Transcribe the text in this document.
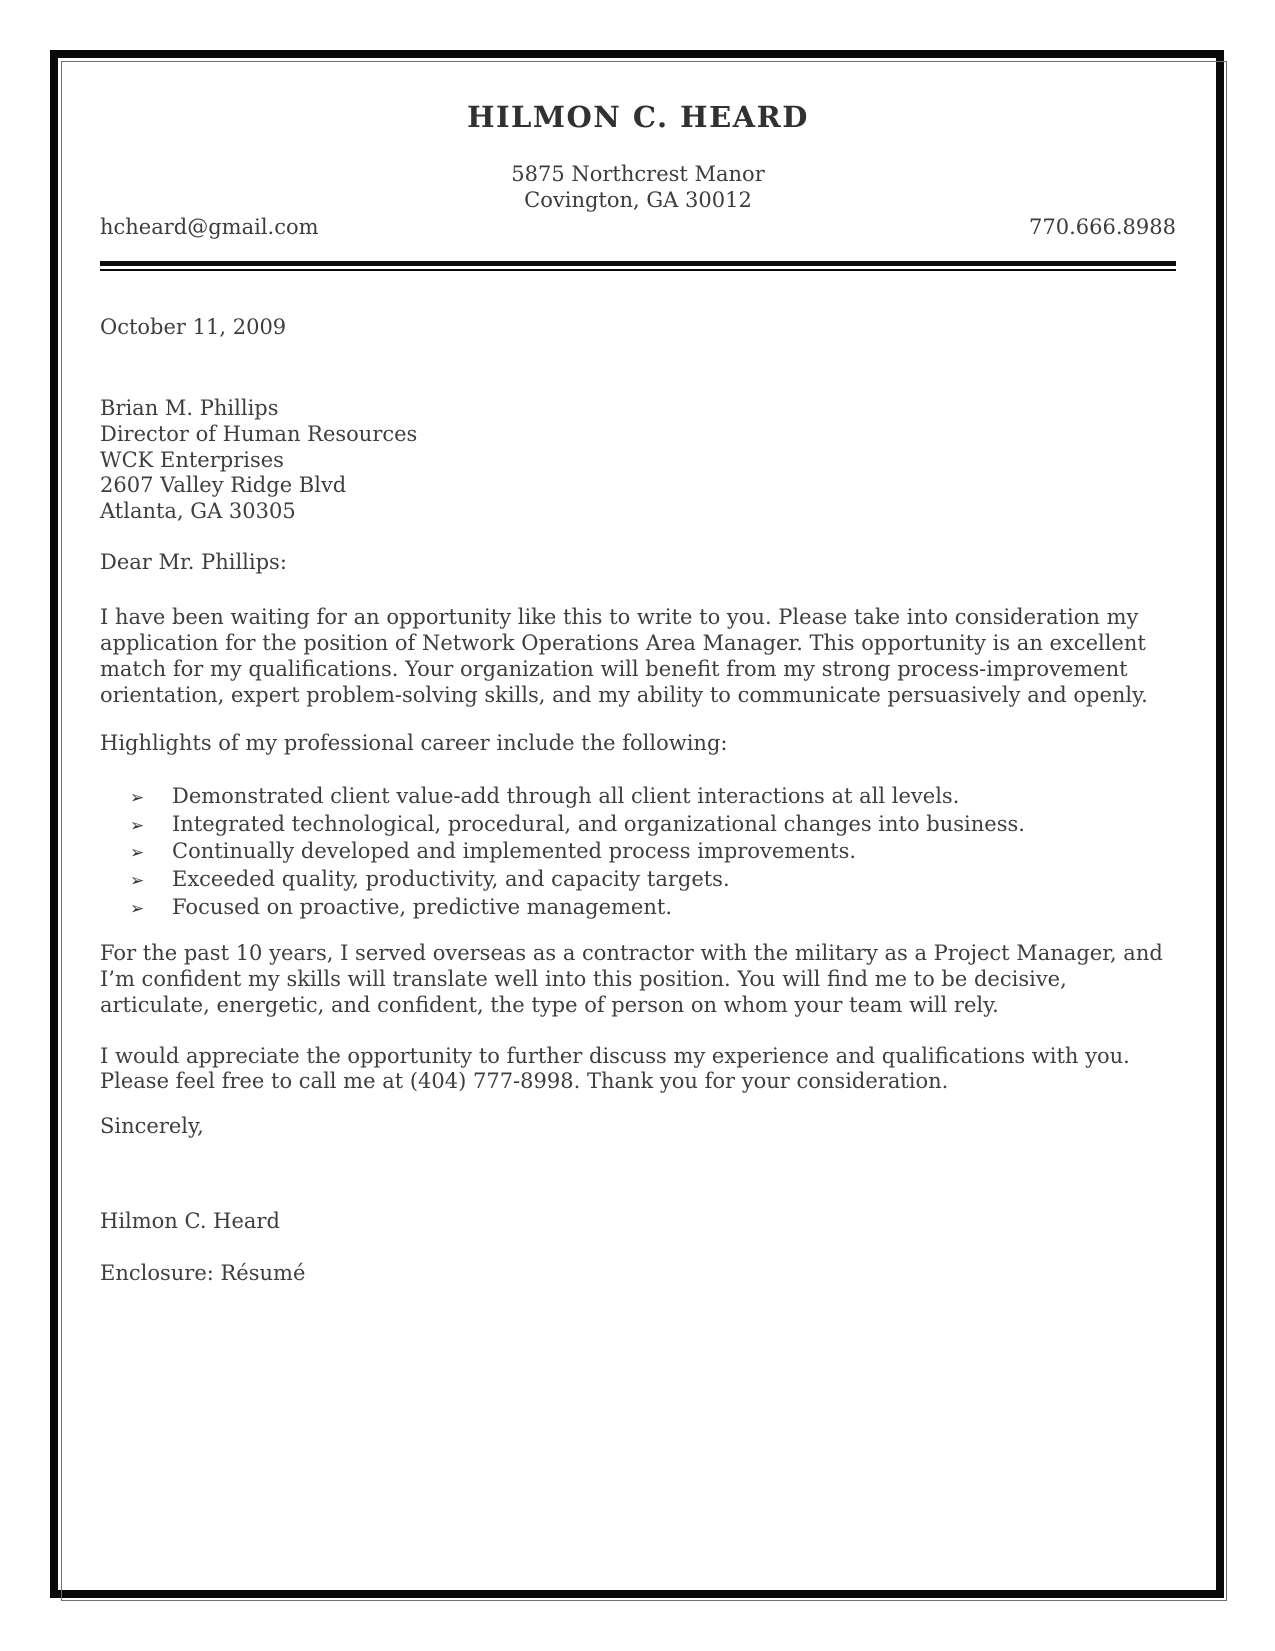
HILMON C. HEARD
5875 Northcrest Manor
Covington, GA 30012
hcheard@gmail.com	770.666.8988
October 11, 2009
Brian M. Phillips
Director of Human Resources
WCK Enterprises
2607 Valley Ridge Blvd
Atlanta, GA 30305
Dear Mr. Phillips:
I have been waiting for an opportunity like this to write to you. Please take into consideration my application for the position of Network Operations Area Manager. This opportunity is an excellent match for my qualifications. Your organization will benefit from my strong process-improvement orientation, expert problem-solving skills, and my ability to communicate persuasively and openly.
Highlights of my professional career include the following:
➢	Demonstrated client value-add through all client interactions at all levels.
➢	Integrated technological, procedural, and organizational changes into business.
➢	Continually developed and implemented process improvements.
➢	Exceeded quality, productivity, and capacity targets.
➢	Focused on proactive, predictive management.
For the past 10 years, I served overseas as a contractor with the military as a Project Manager, and I’m confident my skills will translate well into this position. You will find me to be decisive, articulate, energetic, and confident, the type of person on whom your team will rely.
I would appreciate the opportunity to further discuss my experience and qualifications with you. Please feel free to call me at (404) 777-8998. Thank you for your consideration.
Sincerely,
Hilmon C. Heard
Enclosure: Résumé
